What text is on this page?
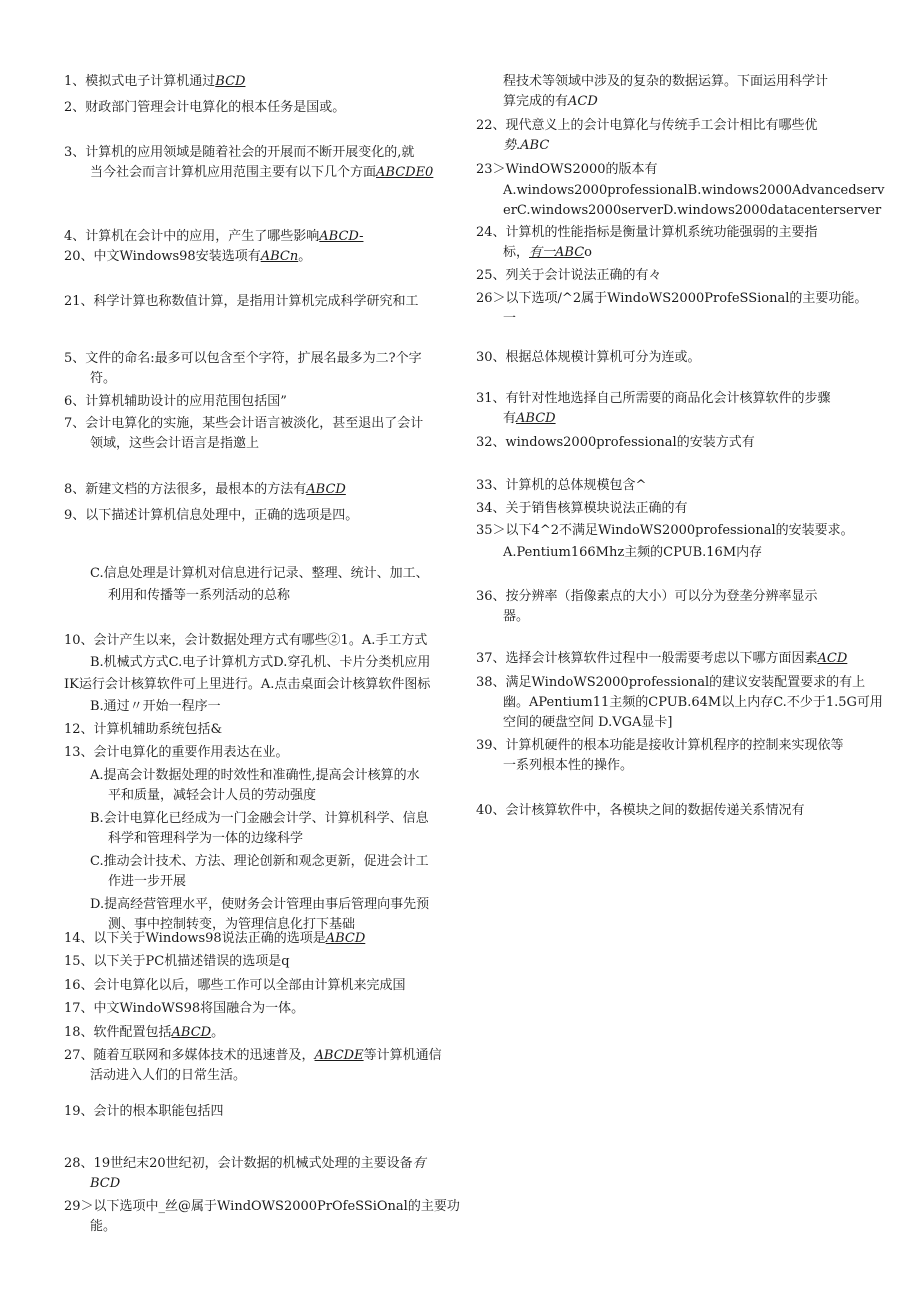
1、模拟式电子计算机通过BCD
2、财政部门管理会计电算化的根本任务是国或。
3、计算机的应用领域是随着社会的开展而不断开展变化的,就
当今社会而言计算机应用范围主要有以下几个方面ABCDE0
4、计算机在会计中的应用，产生了哪些影响ABCD-
20、中文Windows98安装选项有ABCn。
21、科学计算也称数值计算，是指用计算机完成科学研究和工
5、文件的命名:最多可以包含至个字符，扩展名最多为二?个字
符。
6、计算机辅助设计的应用范围包括国”
7、会计电算化的实施，某些会计语言被淡化，甚至退出了会计
领域，这些会计语言是指邀上
8、新建文档的方法很多，最根本的方法有ABCD
9、以下描述计算机信息处理中，正确的选项是四。
C.信息处理是计算机对信息进行记录、整理、统计、加工、
利用和传播等一系列活动的总称
10、会计产生以来，会计数据处理方式有哪些②1。A.手工方式
B.机械式方式C.电子计算机方式D.穿孔机、卡片分类机应用
IK运行会计核算软件可上里进行。A.点击桌面会计核算软件图标
B.通过〃开始一程序一
12、计算机辅助系统包括&
13、会计电算化的重要作用表达在业。
A.提高会计数据处理的时效性和准确性,提高会计核算的水
平和质量，减轻会计人员的劳动强度
B.会计电算化已经成为一门金融会计学、计算机科学、信息
科学和管理科学为一体的边缘科学
C.推动会计技术、方法、理论创新和观念更新，促进会计工
作进一步开展
D.提高经营管理水平，使财务会计管理由事后管理向事先预
测、事中控制转变，为管理信息化打下基础
14、以下关于Windows98说法正确的选项是ABCD
15、以下关于PC机描述错误的选项是q
16、会计电算化以后，哪些工作可以全部由计算机来完成国
17、中文WindoWS98将国融合为一体。
18、软件配置包括ABCD。
27、随着互联网和多媒体技术的迅速普及，ABCDE等计算机通信
活动进入人们的日常生活。
19、会计的根本职能包括四
28、19世纪末20世纪初，会计数据的机械式处理的主要设备有
BCD
29＞以下选项中_丝@属于WindOWS2000PrOfeSSiOnal的主要功
能。
程技术等领域中涉及的复杂的数据运算。下面运用科学计
算完成的有ACD
22、现代意义上的会计电算化与传统手工会计相比有哪些优
势.ABC
23＞WindOWS2000的版本有
A.windows2000professionalB.windows2000Advancedserv
erC.windows2000serverD.windows2000datacenterserver
24、计算机的性能指标是衡量计算机系统功能强弱的主要指
标，有一ABCo
25、列关于会计说法正确的有々
26＞以下选项/^2属于WindoWS2000ProfeSSional的主要功能。
一
30、根据总体规模计算机可分为连或。
31、有针对性地选择自己所需要的商品化会计核算软件的步骤
有ABCD
32、windows2000professional的安装方式有
33、计算机的总体规模包含^
34、关于销售核算模块说法正确的有
35＞以下4^2不满足WindoWS2000professional的安装要求。
A.Pentium166Mhz主频的CPUB.16M内存
36、按分辨率（指像素点的大小）可以分为登垄分辨率显示
器。
37、选择会计核算软件过程中一般需要考虑以下哪方面因素ACD
38、满足WindoWS2000professional的建议安装配置要求的有上
幽。APentium11主频的CPUB.64M以上内存C.不少于1.5G可用
空间的硬盘空间 D.VGA显卡]
39、计算机硬件的根本功能是接收计算机程序的控制来实现依等
一系列根本性的操作。
40、会计核算软件中，各模块之间的数据传递关系情况有
